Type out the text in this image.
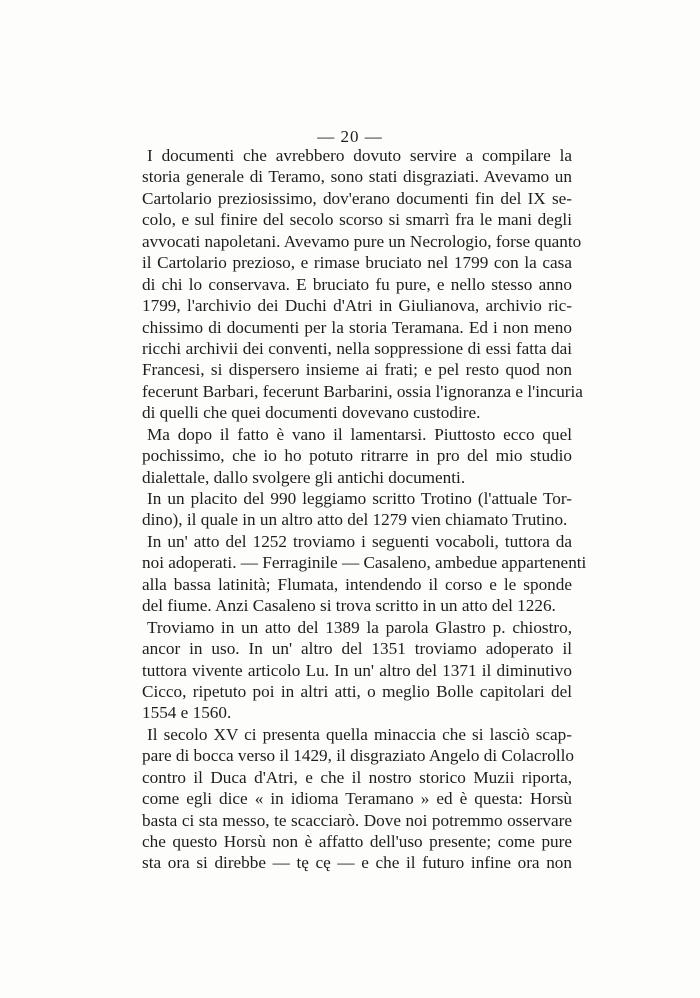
— 20 —
I documenti che avrebbero dovuto servire a compilare la
storia generale di Teramo, sono stati disgraziati. Avevamo un
Cartolario preziosissimo, dov'erano documenti fin del IX se-
colo, e sul finire del secolo scorso si smarrì fra le mani degli
avvocati napoletani. Avevamo pure un Necrologio, forse quanto
il Cartolario prezioso, e rimase bruciato nel 1799 con la casa
di chi lo conservava. E bruciato fu pure, e nello stesso anno
1799, l'archivio dei Duchi d'Atri in Giulianova, archivio ric-
chissimo di documenti per la storia Teramana. Ed i non meno
ricchi archivii dei conventi, nella soppressione di essi fatta dai
Francesi, si dispersero insieme ai frati; e pel resto quod non
fecerunt Barbari, fecerunt Barbarini, ossia l'ignoranza e l'incuria
di quelli che quei documenti dovevano custodire.
Ma dopo il fatto è vano il lamentarsi. Piuttosto ecco quel
pochissimo, che io ho potuto ritrarre in pro del mio studio
dialettale, dallo svolgere gli antichi documenti.
In un placito del 990 leggiamo scritto Trotino (l'attuale Tor-
dino), il quale in un altro atto del 1279 vien chiamato Trutino.
In un' atto del 1252 troviamo i seguenti vocaboli, tuttora da
noi adoperati. — Ferraginile — Casaleno, ambedue appartenenti
alla bassa latinità; Flumata, intendendo il corso e le sponde
del fiume. Anzi Casaleno si trova scritto in un atto del 1226.
Troviamo in un atto del 1389 la parola Glastro p. chiostro,
ancor in uso. In un' altro del 1351 troviamo adoperato il
tuttora vivente articolo Lu. In un' altro del 1371 il diminutivo
Cicco, ripetuto poi in altri atti, o meglio Bolle capitolari del
1554 e 1560.
Il secolo XV ci presenta quella minaccia che si lasciò scap-
pare di bocca verso il 1429, il disgraziato Angelo di Colacrollo
contro il Duca d'Atri, e che il nostro storico Muzii riporta,
come egli dice « in idioma Teramano » ed è questa: Horsù
basta ci sta messo, te scacciarò. Dove noi potremmo osservare
che questo Horsù non è affatto dell'uso presente; come pure
sta ora si direbbe — tę cę — e che il futuro infine ora non
